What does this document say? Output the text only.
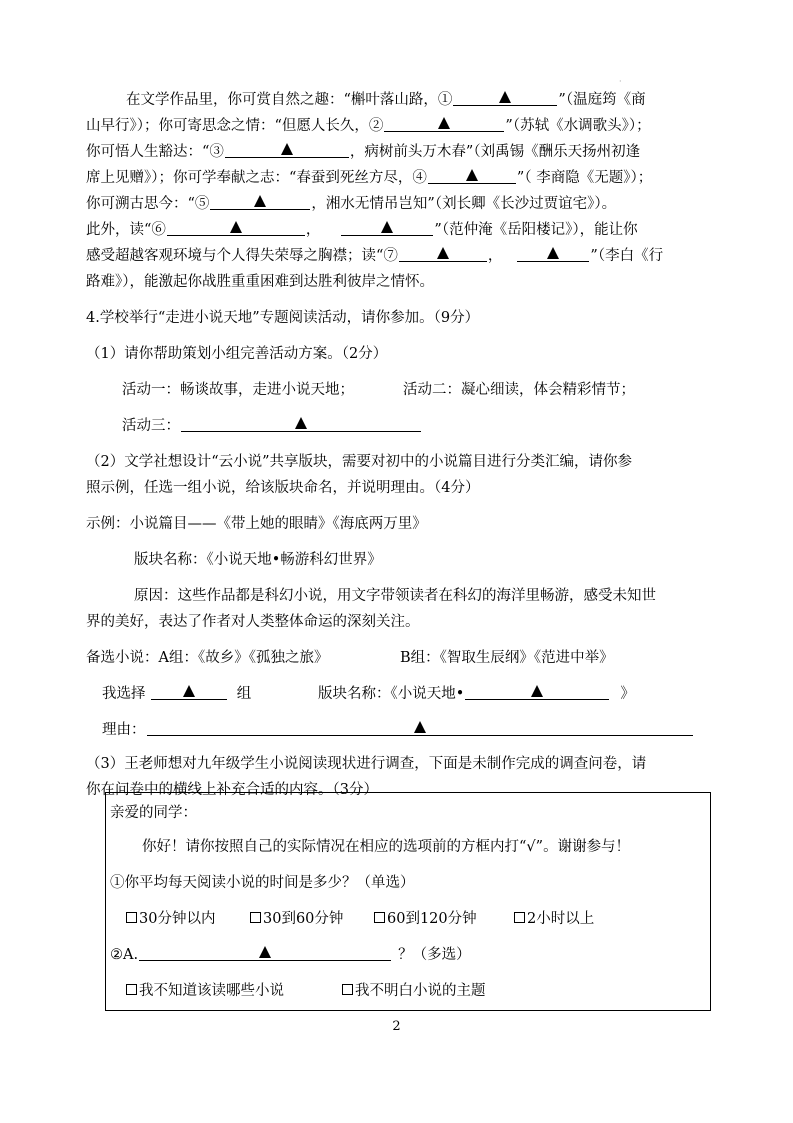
·
在文学作品里，你可赏自然之趣：“槲叶落山路，①	”（温庭筠《商
山早行》）；你可寄思念之情：“但愿人长久，②	”（苏轼《水调歌头》）；
你可悟人生豁达：“③	，病树前头万木春”（刘禹锡《酬乐天扬州初逢
席上见赠》）；你可学奉献之志：“春蚕到死丝方尽，④	”（ 李商隐《无题》）；
你可溯古思今：“⑤	，湘水无情吊岂知”（刘长卿《长沙过贾谊宅》）。
此外，读“⑥	，	”（范仲淹《岳阳楼记》），能让你
感受超越客观环境与个人得失荣辱之胸襟；读“⑦	，	”（李白《行
路难》），能激起你战胜重重困难到达胜利彼岸之情怀。
4.学校举行“走进小说天地”专题阅读活动，请你参加。（9分）
（1）请你帮助策划小组完善活动方案。（2分）
活动一：畅谈故事，走进小说天地；	活动二：凝心细读，体会精彩情节；
活动三：
（2）文学社想设计“云小说”共享版块，需要对初中的小说篇目进行分类汇编，请你参
照示例，任选一组小说，给该版块命名，并说明理由。（4分）
示例：小说篇目——《带上她的眼睛》《海底两万里》
版块名称：《小说天地•畅游科幻世界》
原因：这些作品都是科幻小说，用文字带领读者在科幻的海洋里畅游，感受未知世
界的美好，表达了作者对人类整体命运的深刻关注。
备选小说：A组：《故乡》《孤独之旅》	B组：《智取生辰纲》《范进中举》
我选择	组	版块名称：《小说天地•	》
理由：
（3）王老师想对九年级学生小说阅读现状进行调查，下面是未制作完成的调查问卷，请
你在问卷中的横线上补充合适的内容。（3分）
亲爱的同学：
你好！请你按照自己的实际情况在相应的选项前的方框内打“√”。谢谢参与！
①你平均每天阅读小说的时间是多少？（单选）
30分钟以内	30到60分钟	60到120分钟	2小时以上
②A.	？（多选）
我不知道该读哪些小说	我不明白小说的主题
2
